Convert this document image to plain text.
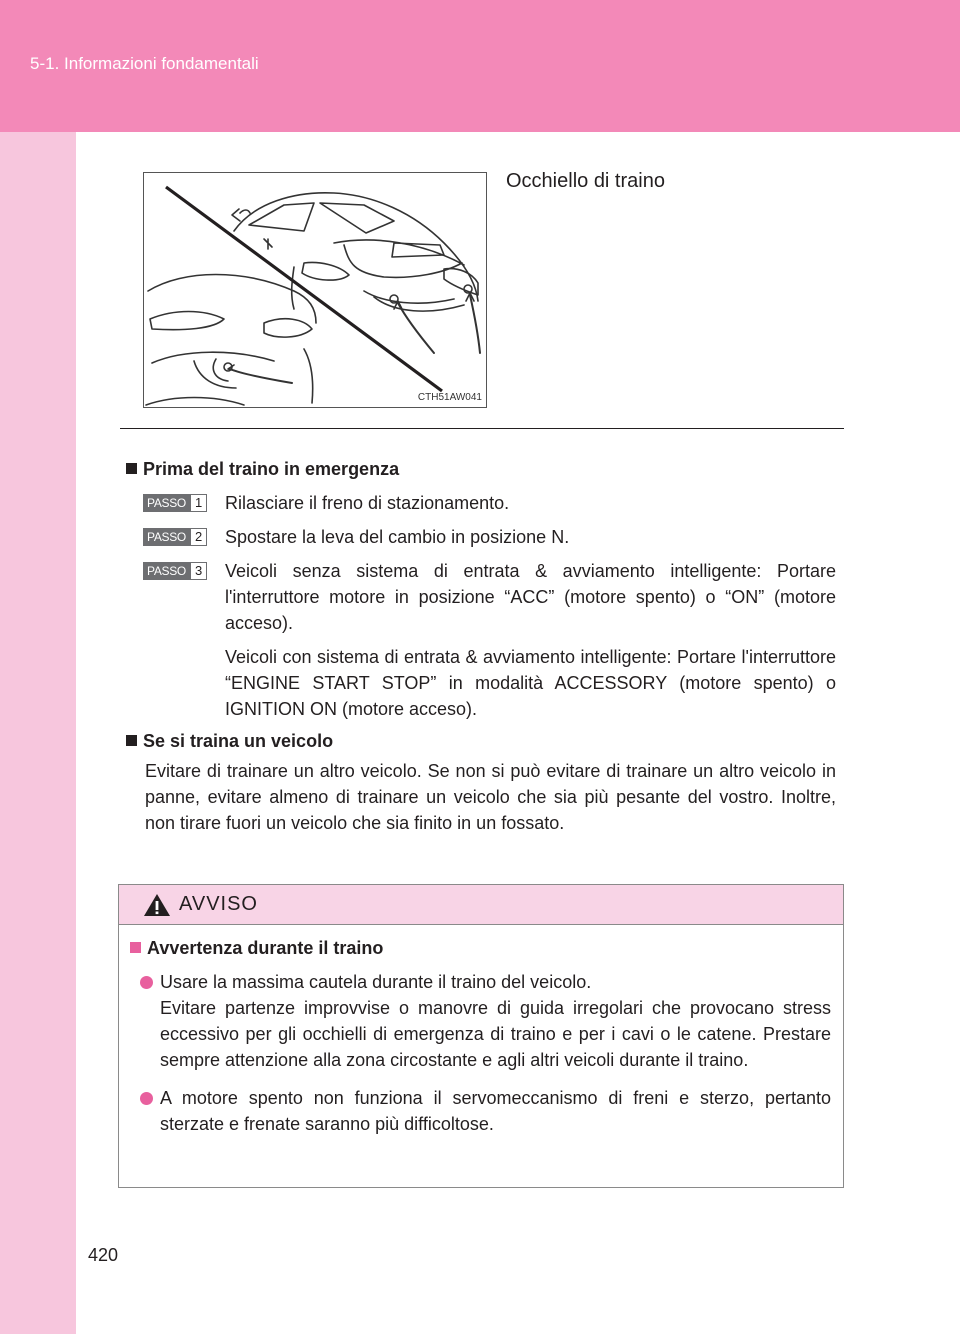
5-1. Informazioni fondamentali
CTH51AW041
Occhiello di traino
Prima del traino in emergenza
PASSO 1 Rilasciare il freno di stazionamento.

PASSO 2 Spostare la leva del cambio in posizione N.

PASSO 3 Veicoli senza sistema di entrata & avviamento intelligente: Portare l'interruttore motore in posizione “ACC” (motore spento) o “ON” (motore acceso).

Veicoli con sistema di entrata & avviamento intelligente: Portare l'interruttore “ENGINE START STOP” in modalità ACCESSORY (motore spento) o IGNITION ON (motore acceso).

Se si traina un veicolo

Evitare di trainare un altro veicolo. Se non si può evitare di trainare un altro veicolo in panne, evitare almeno di trainare un veicolo che sia più pesante del vostro. Inoltre, non tirare fuori un veicolo che sia finito in un fossato.

AVVISO
Avvertenza durante il traino

Usare la massima cautela durante il traino del veicolo.

Evitare partenze improvvise o manovre di guida irregolari che provocano stress eccessivo per gli occhielli di emergenza di traino e per i cavi o le catene. Prestare sempre attenzione alla zona circostante e agli altri veicoli durante il traino.

A motore spento non funziona il servomeccanismo di freni e sterzo, pertanto sterzate e frenate saranno più difficoltose.

420
